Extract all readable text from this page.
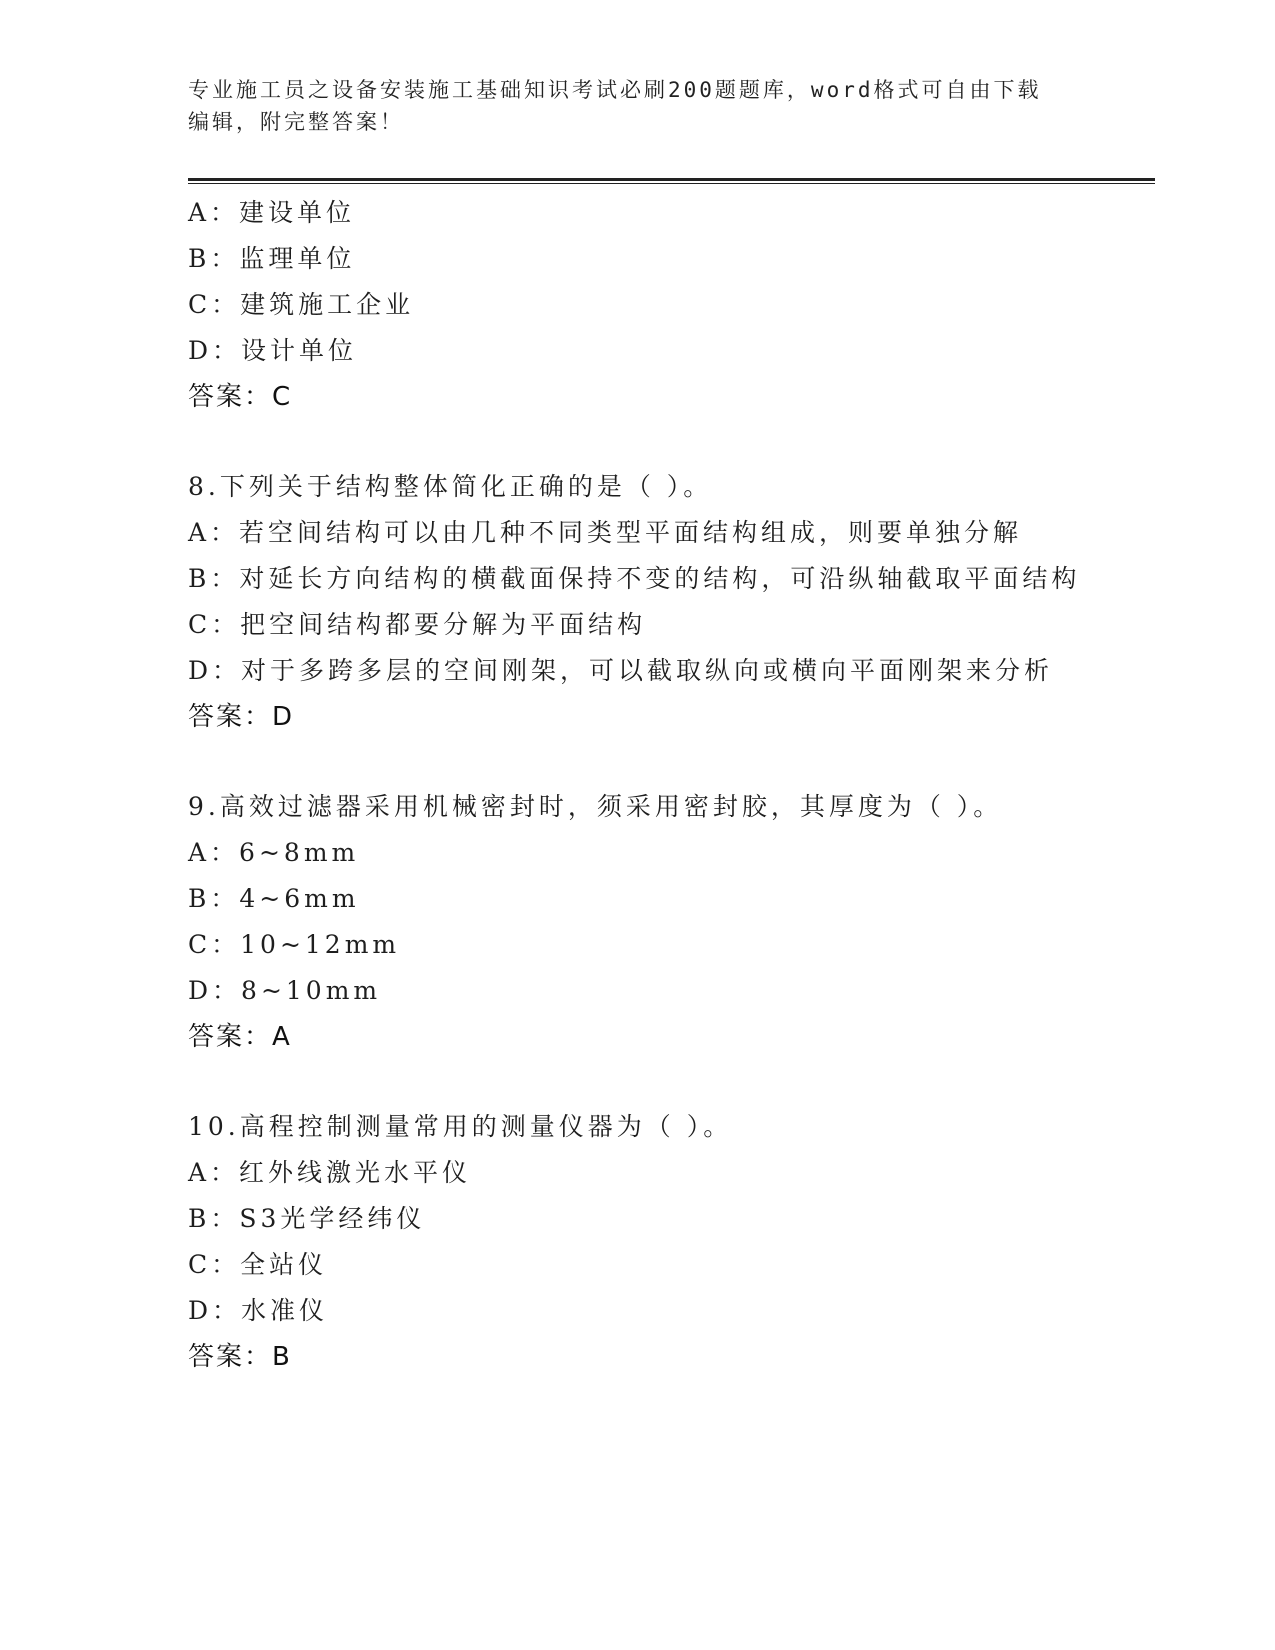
专业施工员之设备安装施工基础知识考试必刷200题题库，word格式可自由下载
编辑，附完整答案！
A：建设单位
B：监理单位
C：建筑施工企业
D：设计单位
答案：C
8.下列关于结构整体简化正确的是（ ）。
A：若空间结构可以由几种不同类型平面结构组成，则要单独分解
B：对延长方向结构的横截面保持不变的结构，可沿纵轴截取平面结构
C：把空间结构都要分解为平面结构
D：对于多跨多层的空间刚架，可以截取纵向或横向平面刚架来分析
答案：D
9.高效过滤器采用机械密封时，须采用密封胶，其厚度为（ ）。
A：6~8mm
B：4~6mm
C：10~12mm
D：8~10mm
答案：A
10.高程控制测量常用的测量仪器为（ ）。
A：红外线激光水平仪
B：S3光学经纬仪
C：全站仪
D：水准仪
答案：B
